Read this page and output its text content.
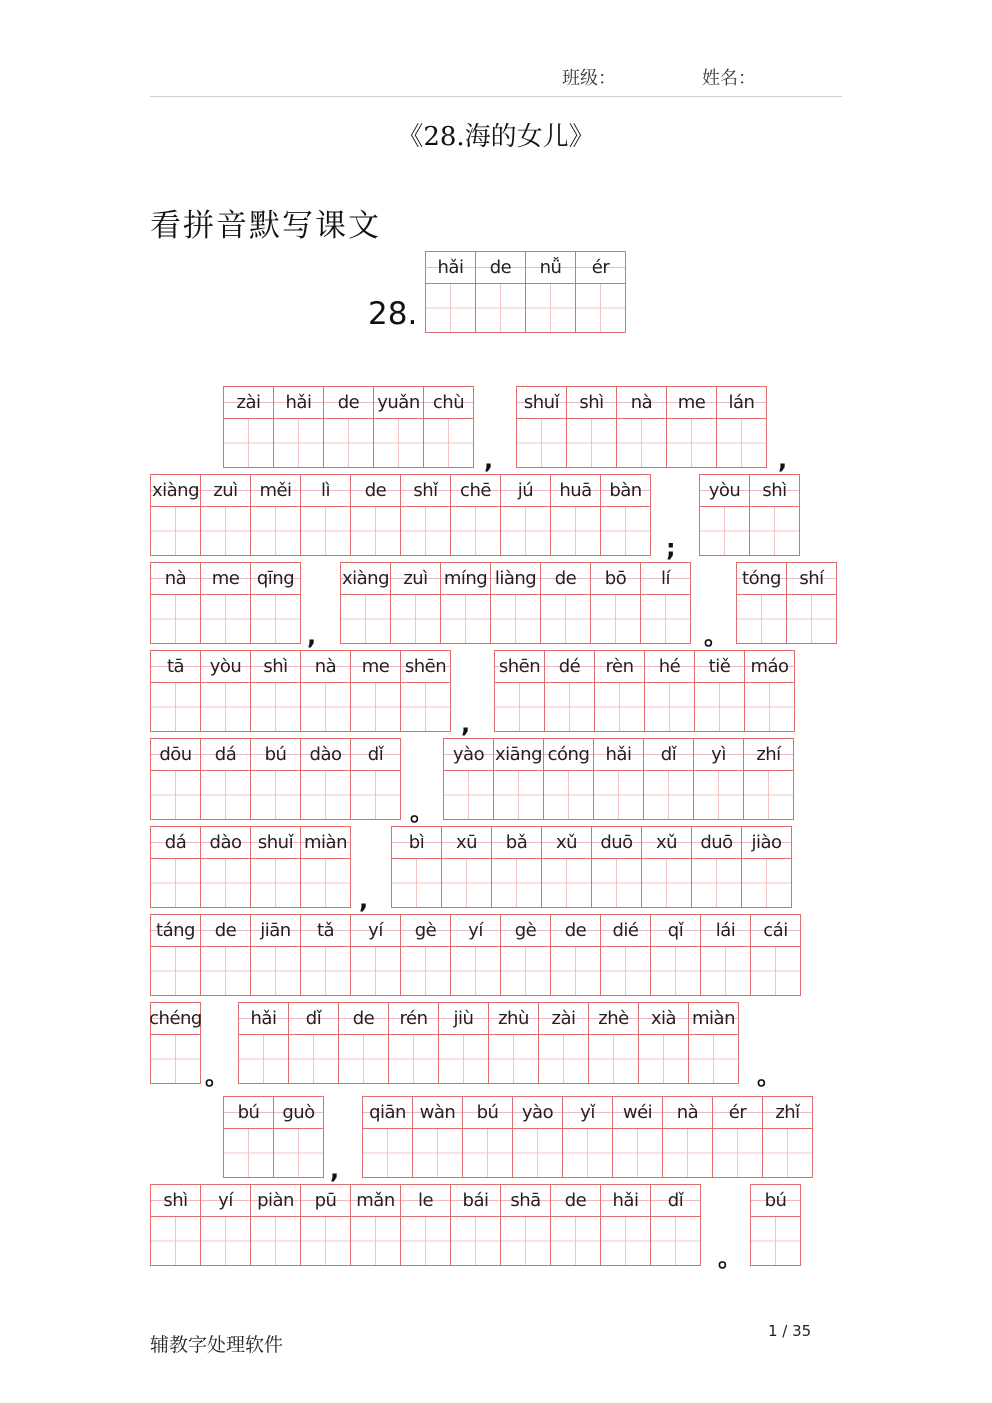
班级：	姓名：
《28.海的女儿》
看拼音默写课文
28.
hǎi	de	nǚ	ér
zài	hǎi	de	yuǎn chù	shuǐ	shì	nà	me	lán
,	,
xiàng zuì	měi	lì	de	shǐ	chē	jú	huā bàn	yòu	shì
;
nà	me qīng	xiàng zuì míng liàng	de	bō	lí	tóng	shí
,	。
tā	yòu	shì	nà	me shēn	shēn	dé	rèn	hé	tiě	máo
,
dōu	dá	bú	dào	dǐ	yào xiāng cóng hǎi	dǐ	yì	zhí
。
dá	dào shuǐ miàn	bì	xū	bǎ	xǔ	duō	xǔ	duō	jiào
,
táng	de	jiān	tǎ	yí	gè	yí	gè	de	dié	qǐ	lái	cái
chéng	hǎi	dǐ	de	rén	jiù	zhù	zài	zhè	xià miàn
。	。
bú	guò	qiān wàn	bú	yào	yǐ	wéi	nà	ér	zhǐ
,
shì	yí	piàn	pū	mǎn	le	bái	shā	de	hǎi	dǐ	bú
。
辅教字处理软件
1 / 35
